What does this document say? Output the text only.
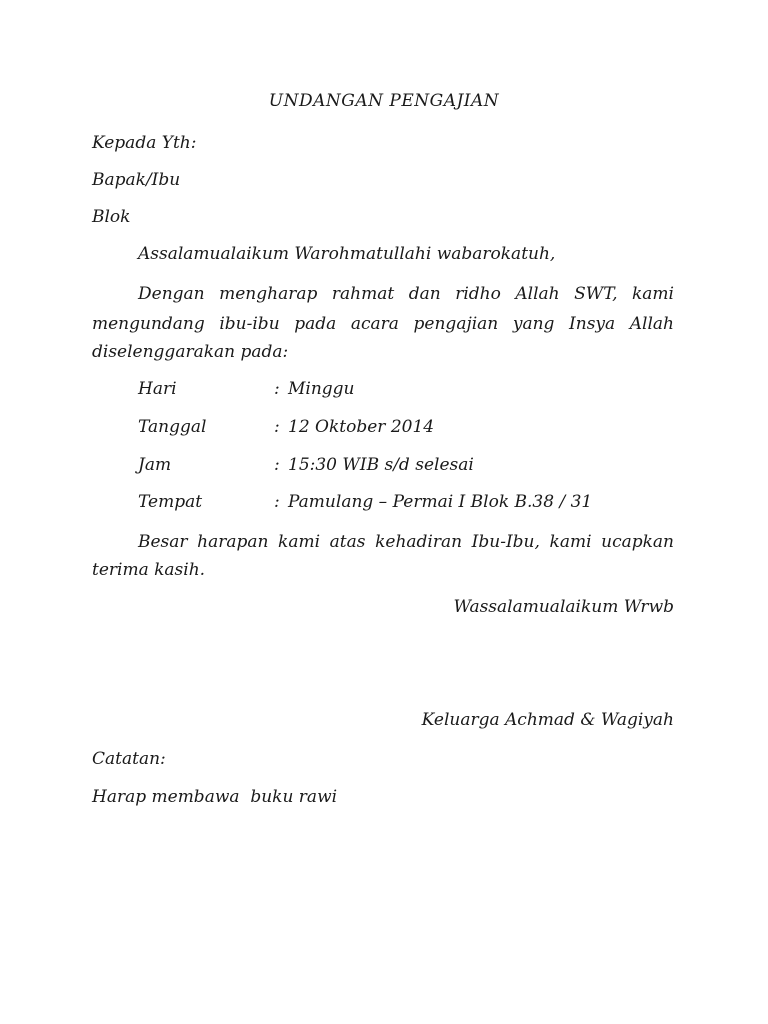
UNDANGAN PENGAJIAN
Kepada Yth:
Bapak/Ibu
Blok
Assalamualaikum Warohmatullahi wabarokatuh,
Dengan mengharap rahmat dan ridho Allah SWT, kami
mengundang ibu-ibu pada acara pengajian yang Insya Allah
diselenggarakan pada:
Hari	: Minggu
Tanggal	: 12 Oktober 2014
Jam	: 15:30 WIB s/d selesai
Tempat	: Pamulang – Permai I Blok B.38 / 31
Besar harapan kami atas kehadiran Ibu-Ibu, kami ucapkan
terima kasih.
Wassalamualaikum Wrwb
Keluarga Achmad & Wagiyah
Catatan:
Harap membawa  buku rawi
